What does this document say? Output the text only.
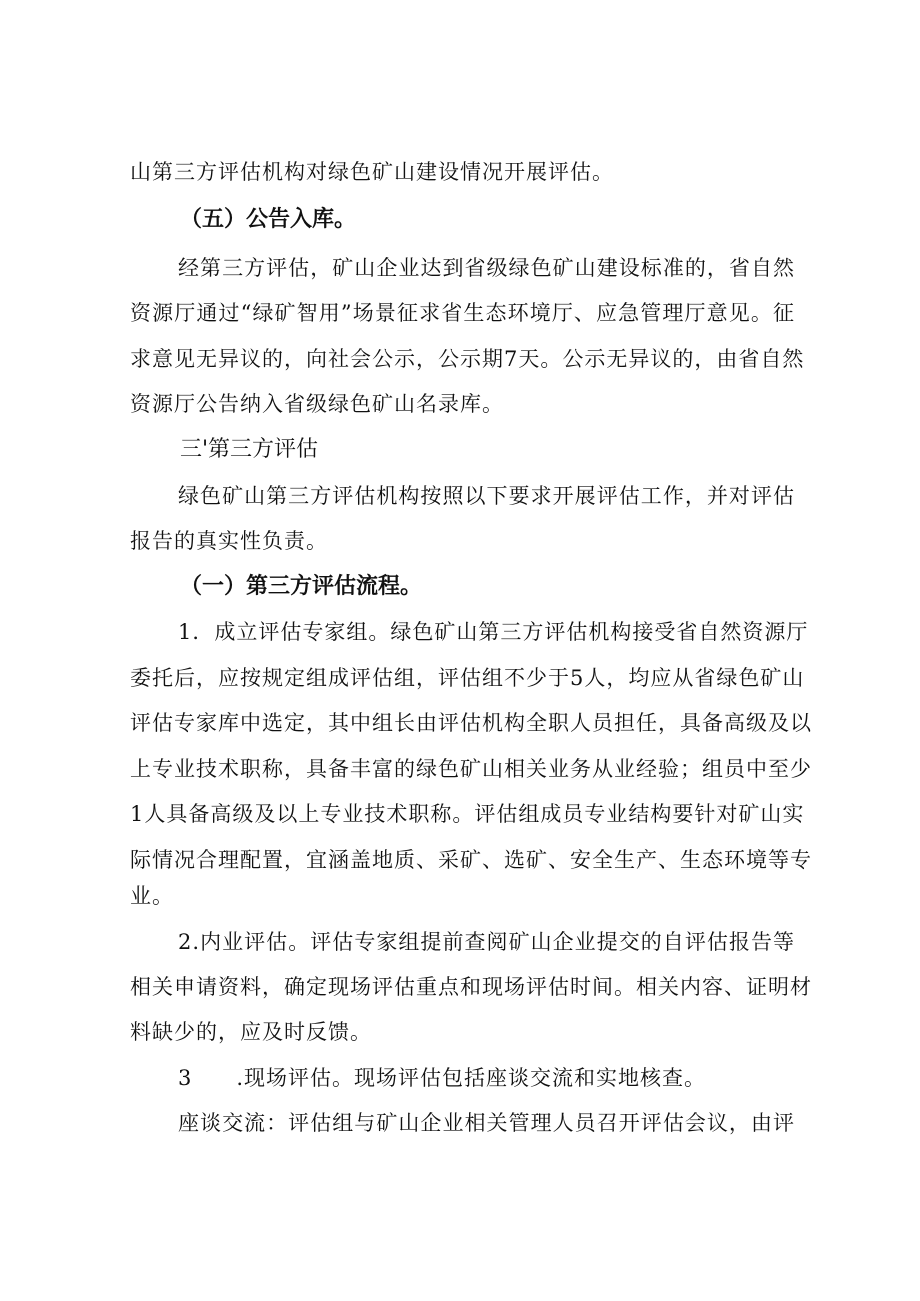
山第三方评估机构对绿色矿山建设情况开展评估。
（五）公告入库。
经第三方评估，矿山企业达到省级绿色矿山建设标准的，省自然
资源厅通过“绿矿智用”场景征求省生态环境厅、应急管理厅意见。征
求意见无异议的，向社会公示，公示期7天。公示无异议的，由省自然
资源厅公告纳入省级绿色矿山名录库。
三'第三方评估
绿色矿山第三方评估机构按照以下要求开展评估工作，并对评估
报告的真实性负责。
（一）第三方评估流程。
1．成立评估专家组。绿色矿山第三方评估机构接受省自然资源厅
委托后，应按规定组成评估组，评估组不少于5人，均应从省绿色矿山
评估专家库中选定，其中组长由评估机构全职人员担任，具备高级及以
上专业技术职称，具备丰富的绿色矿山相关业务从业经验；组员中至少
1人具备高级及以上专业技术职称。评估组成员专业结构要针对矿山实
际情况合理配置，宜涵盖地质、采矿、选矿、安全生产、生态环境等专
业。
2.内业评估。评估专家组提前查阅矿山企业提交的自评估报告等
相关申请资料，确定现场评估重点和现场评估时间。相关内容、证明材
料缺少的，应及时反馈。
3　　.现场评估。现场评估包括座谈交流和实地核查。
座谈交流：评估组与矿山企业相关管理人员召开评估会议，由评
